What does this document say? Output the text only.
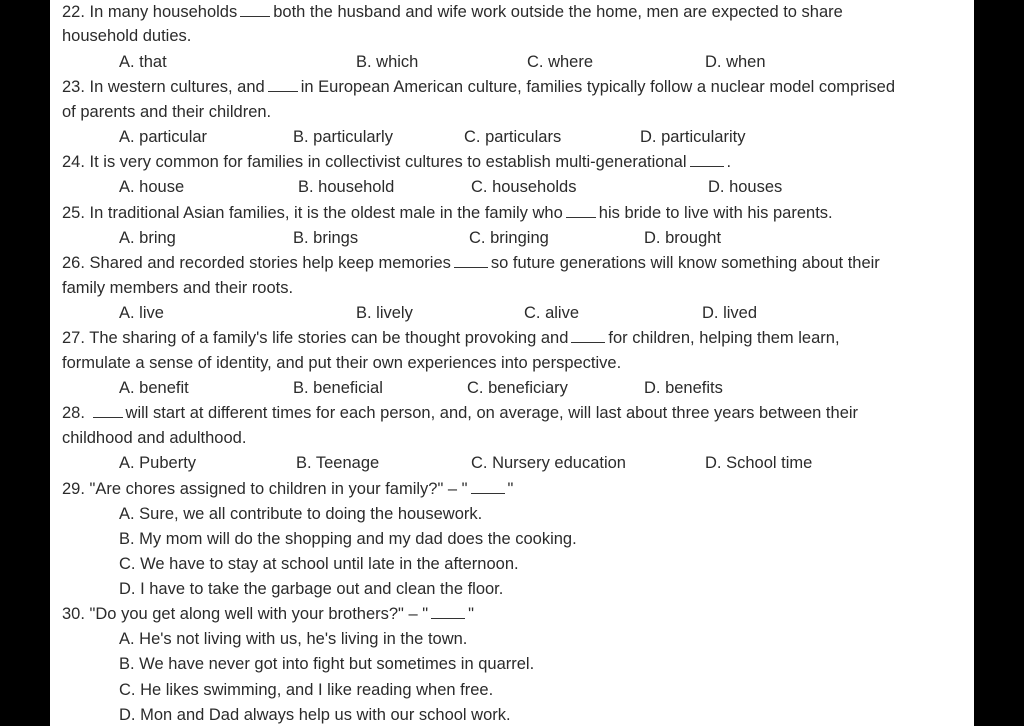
22. In many households both the husband and wife work outside the home, men are expected to share
household duties.
A. that	B. which	C. where	D. when
23. In western cultures, and in European American culture, families typically follow a nuclear model comprised
of parents and their children.
A. particular	B. particularly	C. particulars	D. particularity
24. It is very common for families in collectivist cultures to establish multi-generational .
A. house	B. household	C. households	D. houses
25. In traditional Asian families, it is the oldest male in the family who his bride to live with his parents.
A. bring	B. brings	C. bringing	D. brought
26. Shared and recorded stories help keep memories so future generations will know something about their
family members and their roots.
A. live	B. lively	C. alive	D. lived
27. The sharing of a family's life stories can be thought provoking and for children, helping them learn,
formulate a sense of identity, and put their own experiences into perspective.
A. benefit	B. beneficial	C. beneficiary	D. benefits
28. will start at different times for each person, and, on average, will last about three years between their
childhood and adulthood.
A. Puberty	B. Teenage	C. Nursery education	D. School time
29. "Are chores assigned to children in your family?" – " "
A. Sure, we all contribute to doing the housework.
B. My mom will do the shopping and my dad does the cooking.
C. We have to stay at school until late in the afternoon.
D. I have to take the garbage out and clean the floor.
30. "Do you get along well with your brothers?" – " "
A. He's not living with us, he's living in the town.
B. We have never got into fight but sometimes in quarrel.
C. He likes swimming, and I like reading when free.
D. Mon and Dad always help us with our school work.
